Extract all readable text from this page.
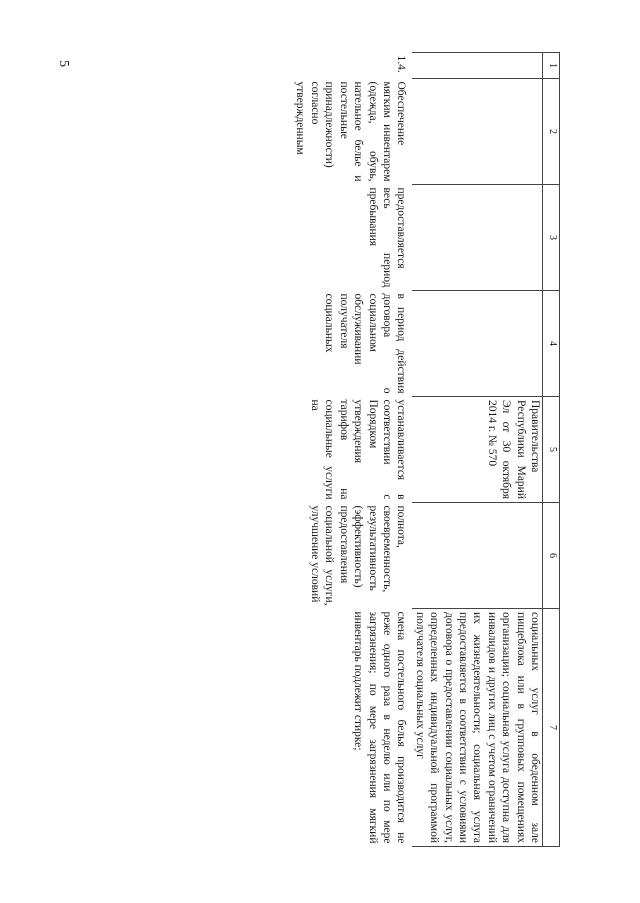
5	1	2	3	4	5	6	7
				Правительства Республики Марий Эл от 30 октября 2014 г. № 570		социальных услуг в обеденном зале пищеблока или в групповых помещениях организации; социальная услуга доступна для инвалидов и других лиц с учетом ограничений их жизнедеятельности; социальная услуга предоставляется в соответствии с условиями договора о предоставлении социальных услуг, определенных индивидуальной программой получателя социальных услуг
1.4.	Обеспечение мягким инвентарем (одежда, обувь, нательное белье и постельные принадлежности) согласно утвержденным	предоставляется весь период пребывания	в период действия договора о социальном обслуживании получателя социальных	устанавливается в соответствии с Порядком утверждения тарифов на социальные услуги на	полнота, своевременность, результативность (эффективность) предоставления социальной услуги, улучшение условий	смена постельного белья производится не реже одного раза в неделю или по мере загрязнения; по мере загрязнения мягкий инвентарь подлежит стирке;
